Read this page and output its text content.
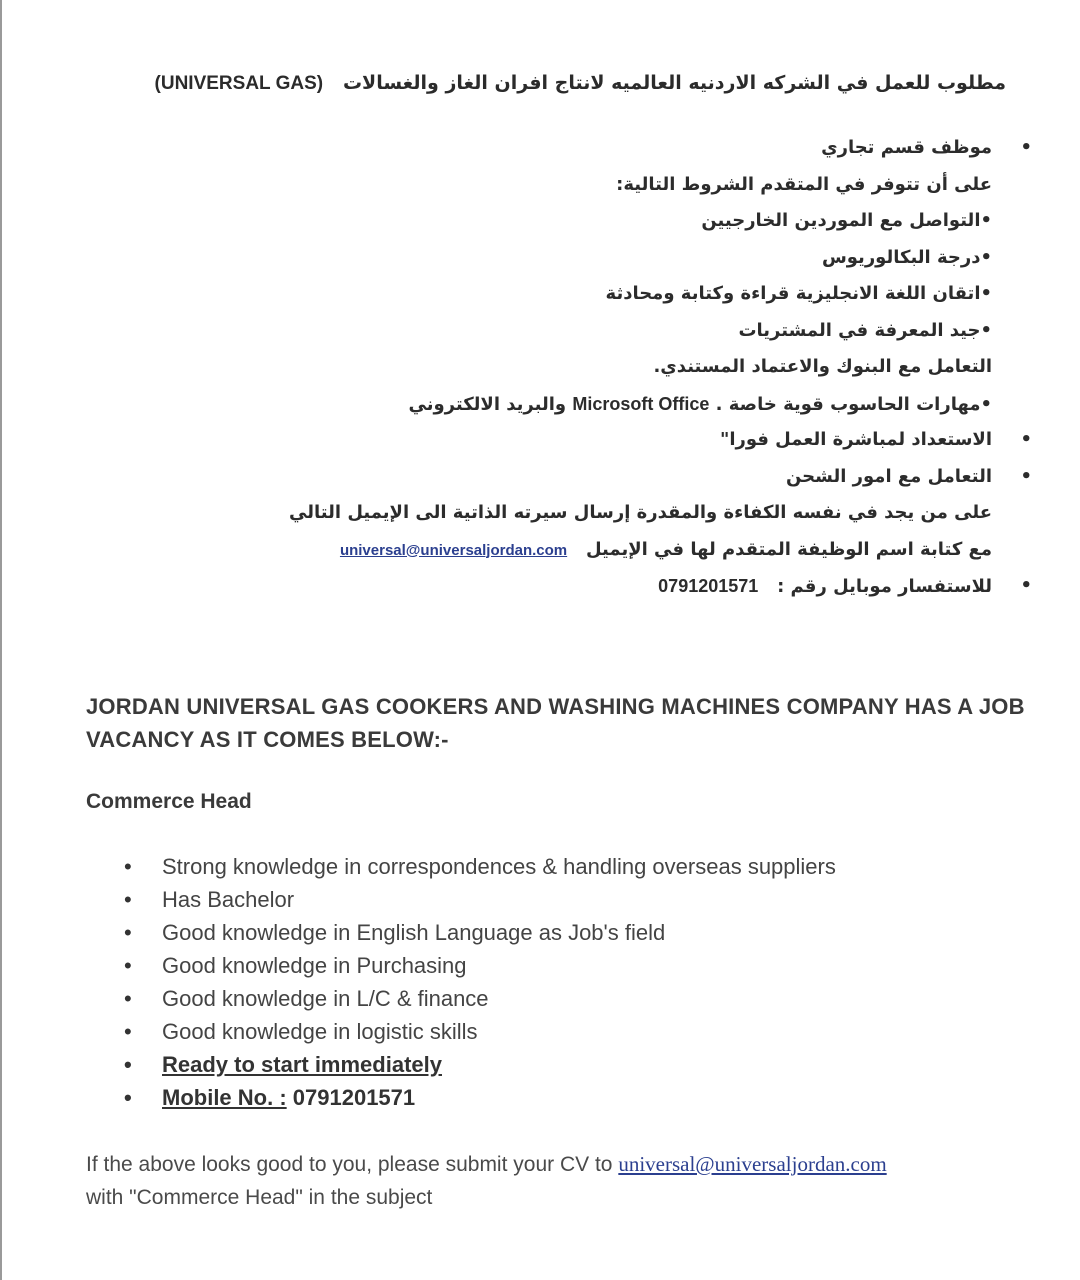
مطلوب للعمل في الشركه الاردنيه العالميه لانتاج افران الغاز والغسالات   (UNIVERSAL GAS)
• موظف قسم تجاري
على أن تتوفر في المتقدم الشروط التالية:
•التواصل مع الموردين الخارجيين
•درجة البكالوريوس
•اتقان اللغة الانجليزية قراءة وكتابة ومحادثة
•جيد المعرفة في المشتريات
التعامل مع البنوك والاعتماد المستندي.
•مهارات الحاسوب قوية خاصة . Microsoft Office والبريد الالكتروني
• الاستعداد لمباشرة العمل فورا"
• التعامل مع امور الشحن
على من يجد في نفسه الكفاءة والمقدرة إرسال سيرته الذاتية الى الإيميل التالي
مع كتابة اسم الوظيفة المتقدم لها في الإيميل   universal@universaljordan.com
• للاستفسار موبايل رقم :   0791201571
JORDAN UNIVERSAL GAS COOKERS AND WASHING MACHINES COMPANY HAS A JOB VACANCY AS IT COMES BELOW:-
Commerce Head
• Strong knowledge in correspondences & handling overseas suppliers
• Has Bachelor
• Good knowledge in English Language as Job's field
• Good knowledge in Purchasing
• Good knowledge in L/C & finance
• Good knowledge in logistic skills
• Ready to start immediately
• Mobile No. : 0791201571
If the above looks good to you, please submit your CV to universal@universaljordan.com
with "Commerce Head" in the subject
